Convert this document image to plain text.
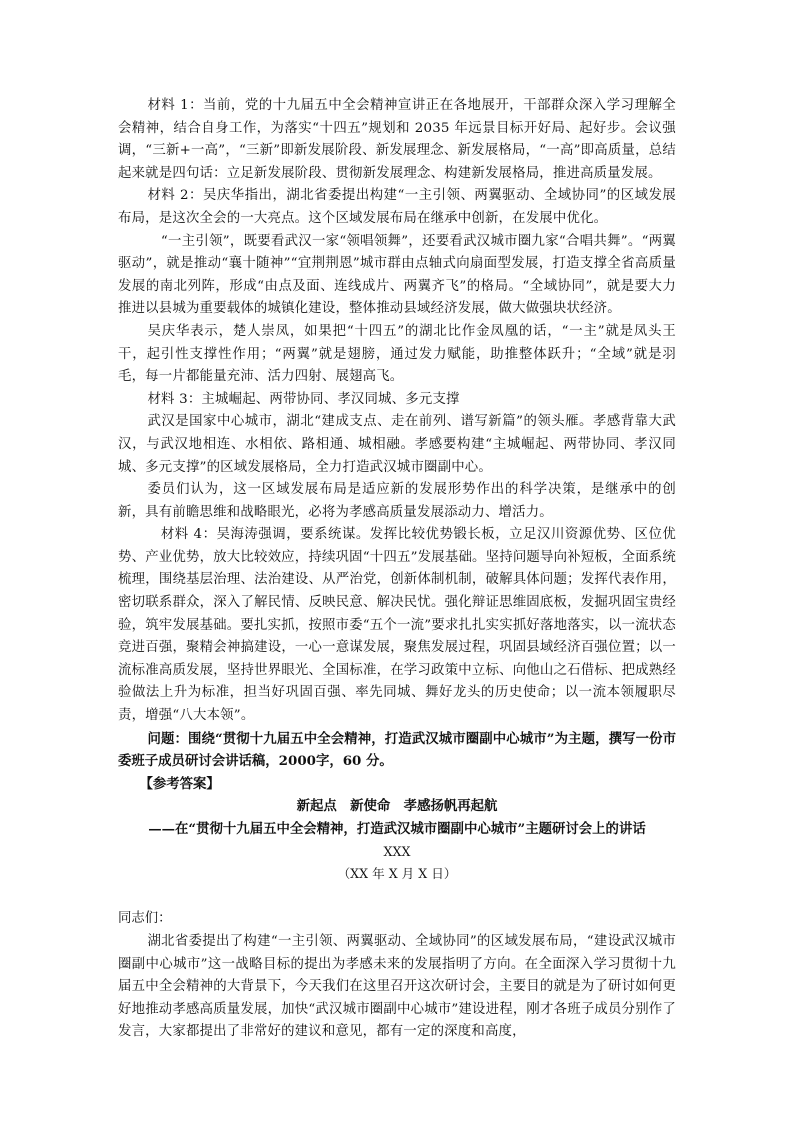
材料 1：当前，党的十九届五中全会精神宣讲正在各地展开，干部群众深入学习理解全会精神，结合自身工作，为落实“十四五”规划和 2035 年远景目标开好局、起好步。会议强调，“三新+一高”，“三新”即新发展阶段、新发展理念、新发展格局，“一高”即高质量，总结起来就是四句话：立足新发展阶段、贯彻新发展理念、构建新发展格局，推进高质量发展。

材料 2：吴庆华指出，湖北省委提出构建“一主引领、两翼驱动、全域协同”的区域发展布局，是这次全会的一大亮点。这个区域发展布局在继承中创新，在发展中优化。

“一主引领”，既要看武汉一家“领唱领舞”，还要看武汉城市圈九家“合唱共舞”。“两翼驱动”，就是推动“襄十随神”“宜荆荆恩”城市群由点轴式向扇面型发展，打造支撑全省高质量发展的南北列阵，形成“由点及面、连线成片、两翼齐飞”的格局。“全域协同”，就是要大力推进以县城为重要载体的城镇化建设，整体推动县域经济发展，做大做强块状经济。

吴庆华表示，楚人崇凤，如果把“十四五”的湖北比作金凤凰的话，“一主”就是凤头王干，起引性支撑性作用；“两翼”就是翅膀，通过发力赋能，助推整体跃升；“全域”就是羽毛，每一片都能量充沛、活力四射、展翅高飞。

材料 3：主城崛起、两带协同、孝汉同城、多元支撑

武汉是国家中心城市，湖北“建成支点、走在前列、谱写新篇”的领头雁。孝感背靠大武汉，与武汉地相连、水相依、路相通、城相融。孝感要构建“主城崛起、两带协同、孝汉同城、多元支撑”的区域发展格局，全力打造武汉城市圈副中心。

委员们认为，这一区域发展布局是适应新的发展形势作出的科学决策，是继承中的创新，具有前瞻思维和战略眼光，必将为孝感高质量发展添动力、增活力。

材料 4：吴海涛强调，要系统谋。发挥比较优势锻长板，立足汉川资源优势、区位优势、产业优势，放大比较效应，持续巩固“十四五”发展基础。坚持问题导向补短板，全面系统梳理，围绕基层治理、法治建设、从严治党，创新体制机制，破解具体问题；发挥代表作用，密切联系群众，深入了解民情、反映民意、解决民忧。强化辩证思维固底板，发掘巩固宝贵经验，筑牢发展基础。要扎实抓，按照市委“五个一流”要求扎扎实实抓好落地落实，以一流状态竞进百强，聚精会神搞建设，一心一意谋发展，聚焦发展过程，巩固县域经济百强位置；以一流标准高质发展，坚持世界眼光、全国标准，在学习政策中立标、向他山之石借标、把成熟经验做法上升为标准，担当好巩固百强、率先同城、舞好龙头的历史使命；以一流本领履职尽责，增强“八大本领”。

问题：围绕“贯彻十九届五中全会精神，打造武汉城市圈副中心城市”为主题，撰写一份市委班子成员研讨会讲话稿，2000字，60 分。

【参考答案】

新起点　新使命　孝感扬帆再起航

——在“贯彻十九届五中全会精神，打造武汉城市圈副中心城市”主题研讨会上的讲话

XXX

（XX 年 X 月 X 日）

同志们：

湖北省委提出了构建“一主引领、两翼驱动、全域协同”的区域发展布局，“建设武汉城市圈副中心城市”这一战略目标的提出为孝感未来的发展指明了方向。在全面深入学习贯彻十九届五中全会精神的大背景下，今天我们在这里召开这次研讨会，主要目的就是为了研讨如何更好地推动孝感高质量发展，加快“武汉城市圈副中心城市”建设进程，刚才各班子成员分别作了发言，大家都提出了非常好的建议和意见，都有一定的深度和高度，
